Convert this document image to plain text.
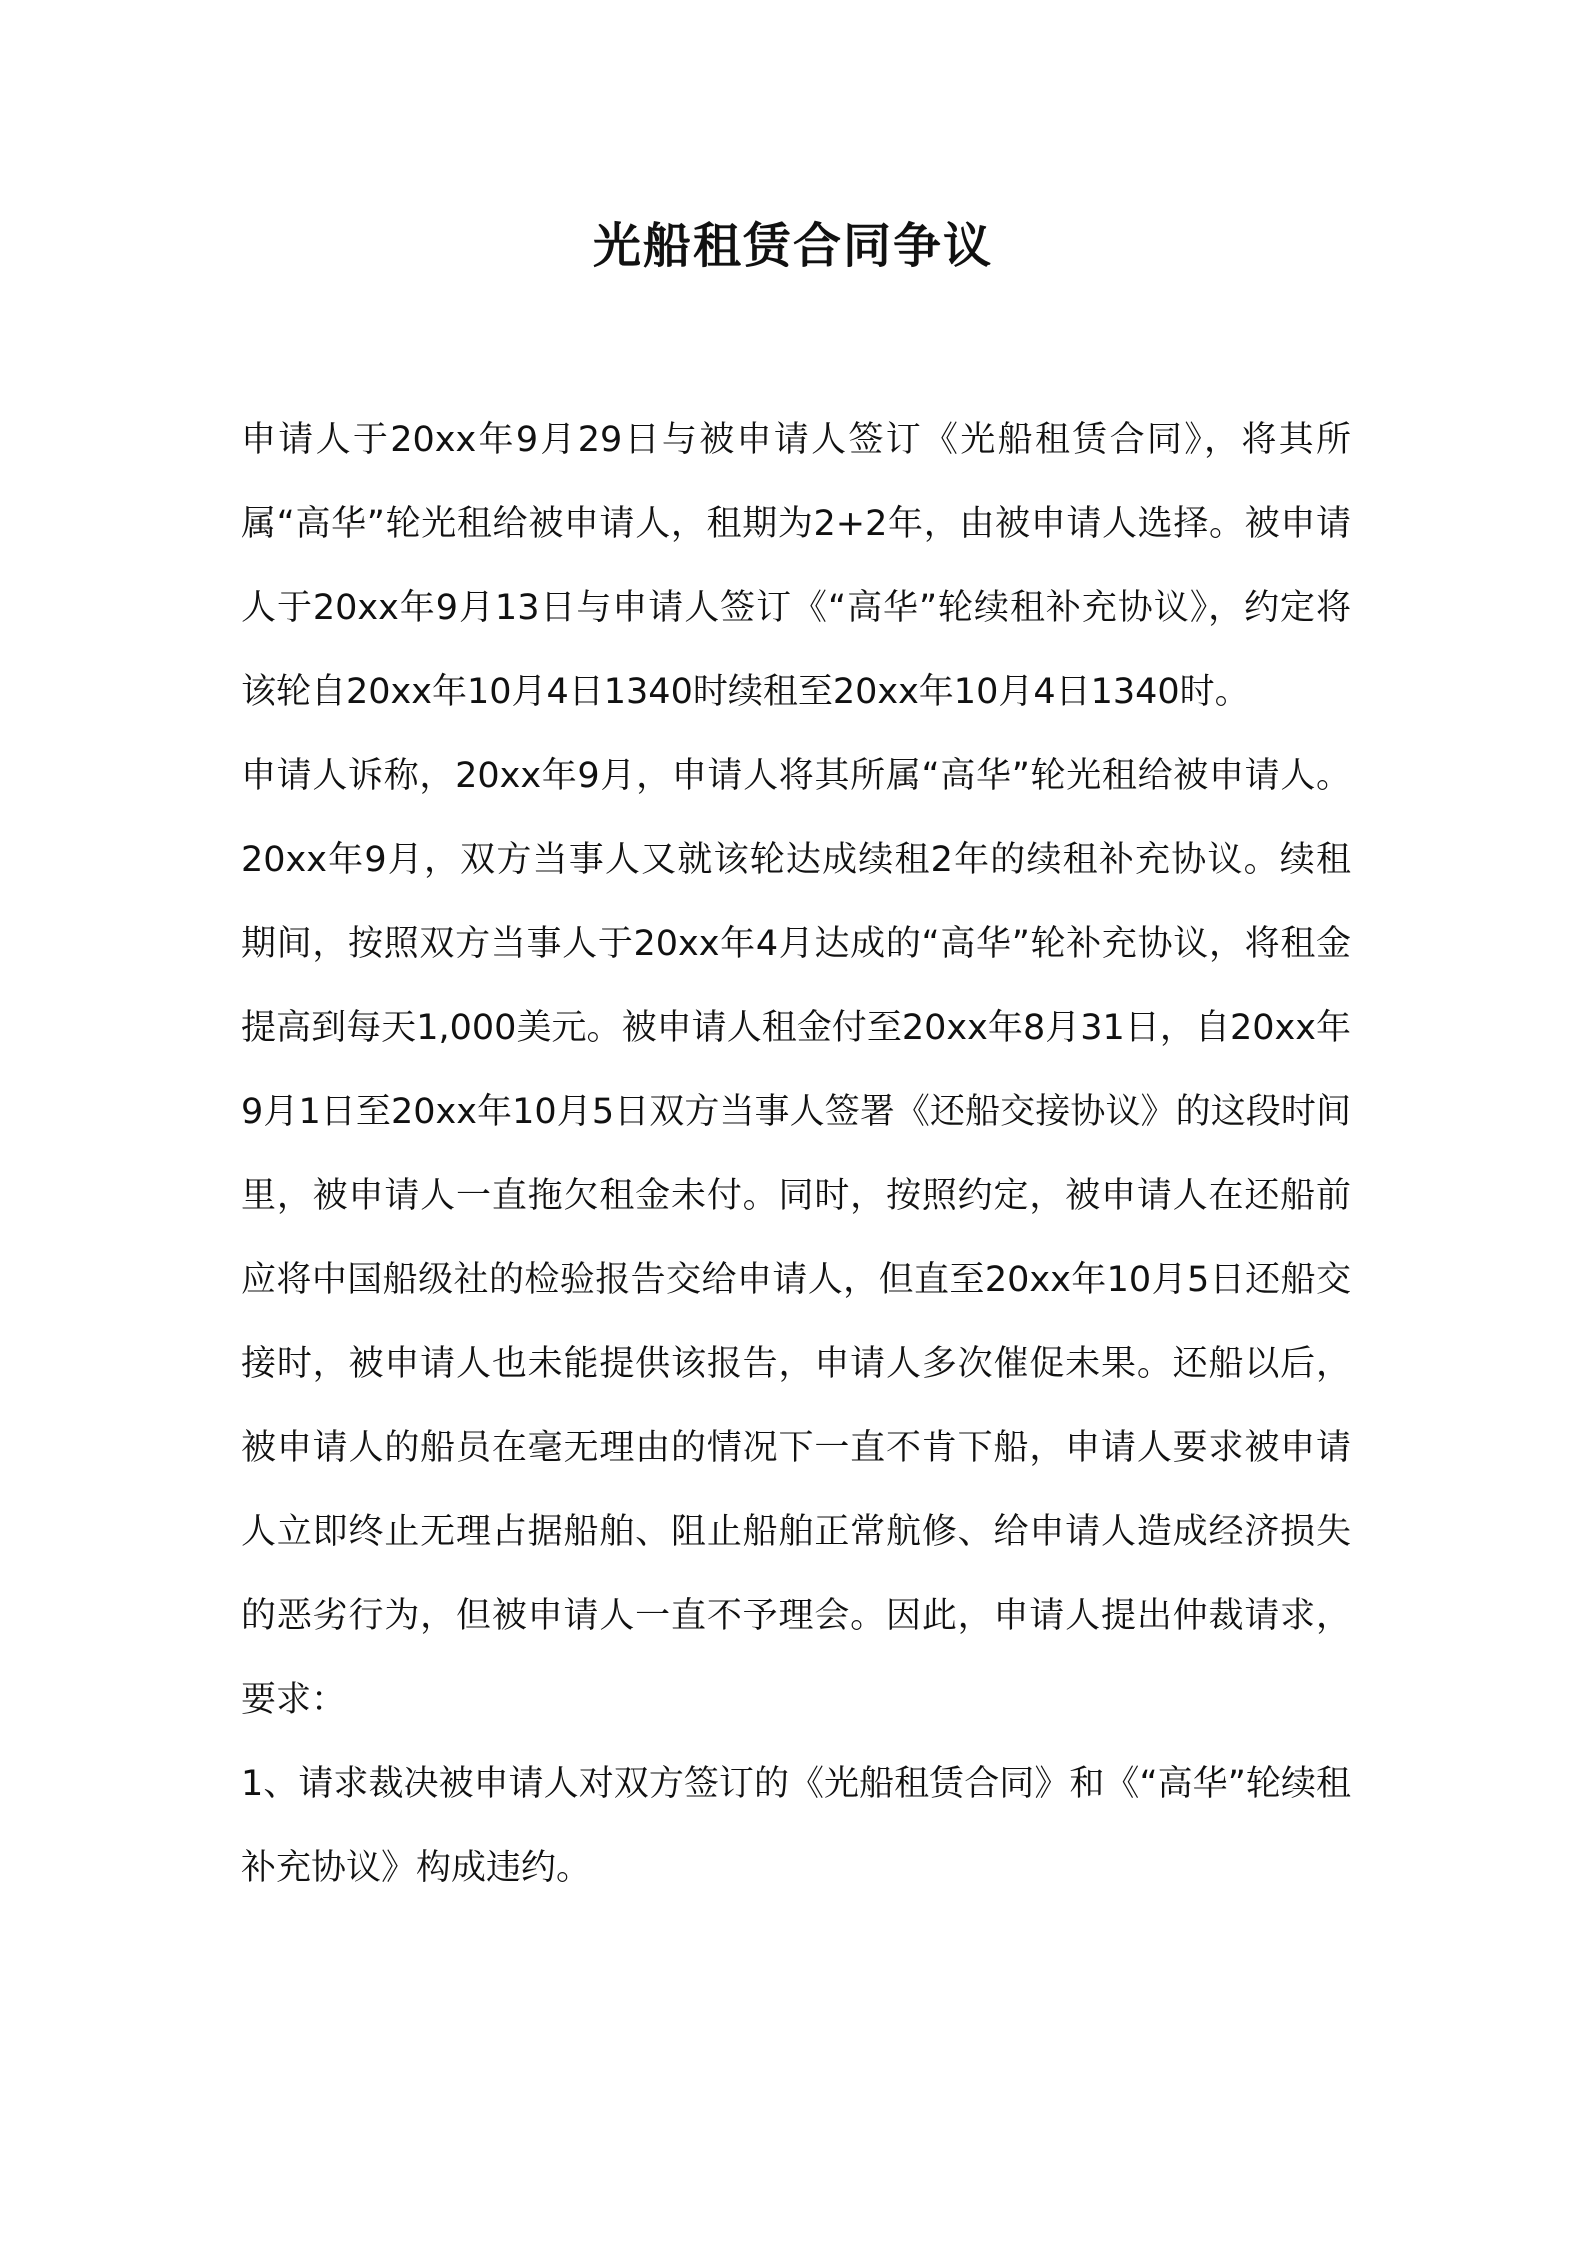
光船租赁合同争议

申请人于20xx年9月29日与被申请人签订《光船租赁合同》，将其所属“高华”轮光租给被申请人，租期为2+2年，由被申请人选择。被申请人于20xx年9月13日与申请人签订《“高华”轮续租补充协议》，约定将该轮自20xx年10月4日1340时续租至20xx年10月4日1340时。

申请人诉称，20xx年9月，申请人将其所属“高华”轮光租给被申请人。20xx年9月，双方当事人又就该轮达成续租2年的续租补充协议。续租期间，按照双方当事人于20xx年4月达成的“高华”轮补充协议，将租金提高到每天1,000美元。被申请人租金付至20xx年8月31日，自20xx年9月1日至20xx年10月5日双方当事人签署《还船交接协议》的这段时间里，被申请人一直拖欠租金未付。同时，按照约定，被申请人在还船前应将中国船级社的检验报告交给申请人，但直至20xx年10月5日还船交接时，被申请人也未能提供该报告，申请人多次催促未果。还船以后，被申请人的船员在毫无理由的情况下一直不肯下船，申请人要求被申请人立即终止无理占据船舶、阻止船舶正常航修、给申请人造成经济损失的恶劣行为，但被申请人一直不予理会。因此，申请人提出仲裁请求，要求：

1、请求裁决被申请人对双方签订的《光船租赁合同》和《“高华”轮续租补充协议》构成违约。
